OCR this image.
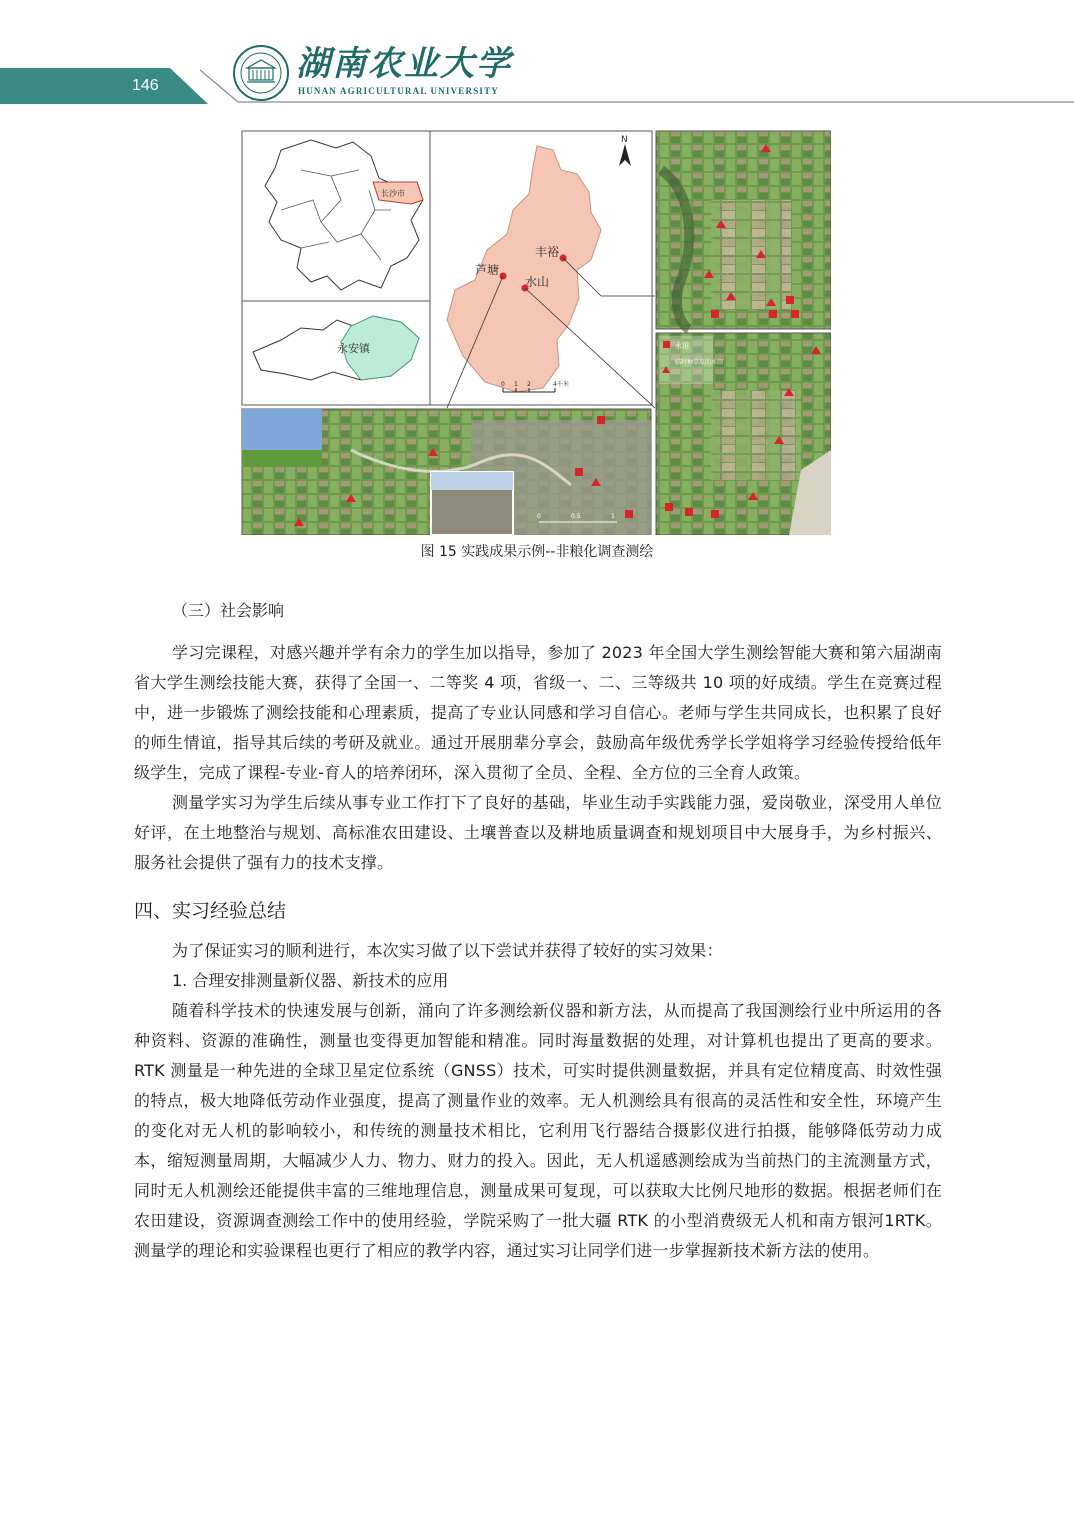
146
湖南农业大学
HUNAN AGRICULTURAL UNIVERSITY
长沙市
永安镇
丰裕
芦塘
水山
N
0 1 2	4千米
水田
临时种草皮的水田
0	0.5	1
图 15 实践成果示例--非粮化调查测绘

（三）社会影响

学习完课程，对感兴趣并学有余力的学生加以指导，参加了 2023 年全国大学生测绘智能大赛和第六届湖南省大学生测绘技能大赛，获得了全国一、二等奖 4 项，省级一、二、三等级共 10 项的好成绩。学生在竞赛过程中，进一步锻炼了测绘技能和心理素质，提高了专业认同感和学习自信心。老师与学生共同成长，也积累了良好的师生情谊，指导其后续的考研及就业。通过开展朋辈分享会，鼓励高年级优秀学长学姐将学习经验传授给低年级学生，完成了课程-专业-育人的培养闭环，深入贯彻了全员、全程、全方位的三全育人政策。

测量学实习为学生后续从事专业工作打下了良好的基础，毕业生动手实践能力强，爱岗敬业，深受用人单位好评，在土地整治与规划、高标准农田建设、土壤普查以及耕地质量调查和规划项目中大展身手，为乡村振兴、服务社会提供了强有力的技术支撑。

四、实习经验总结

为了保证实习的顺利进行，本次实习做了以下尝试并获得了较好的实习效果：

1. 合理安排测量新仪器、新技术的应用

随着科学技术的快速发展与创新，涌向了许多测绘新仪器和新方法，从而提高了我国测绘行业中所运用的各种资料、资源的准确性，测量也变得更加智能和精准。同时海量数据的处理，对计算机也提出了更高的要求。RTK 测量是一种先进的全球卫星定位系统（GNSS）技术，可实时提供测量数据，并具有定位精度高、时效性强的特点，极大地降低劳动作业强度，提高了测量作业的效率。无人机测绘具有很高的灵活性和安全性，环境产生的变化对无人机的影响较小，和传统的测量技术相比，它利用飞行器结合摄影仪进行拍摄，能够降低劳动力成本，缩短测量周期，大幅减少人力、物力、财力的投入。因此，无人机遥感测绘成为当前热门的主流测量方式，同时无人机测绘还能提供丰富的三维地理信息，测量成果可复现，可以获取大比例尺地形的数据。根据老师们在农田建设，资源调查测绘工作中的使用经验，学院采购了一批大疆 RTK 的小型消费级无人机和南方银河1RTK。测量学的理论和实验课程也更行了相应的教学内容，通过实习让同学们进一步掌握新技术新方法的使用。
